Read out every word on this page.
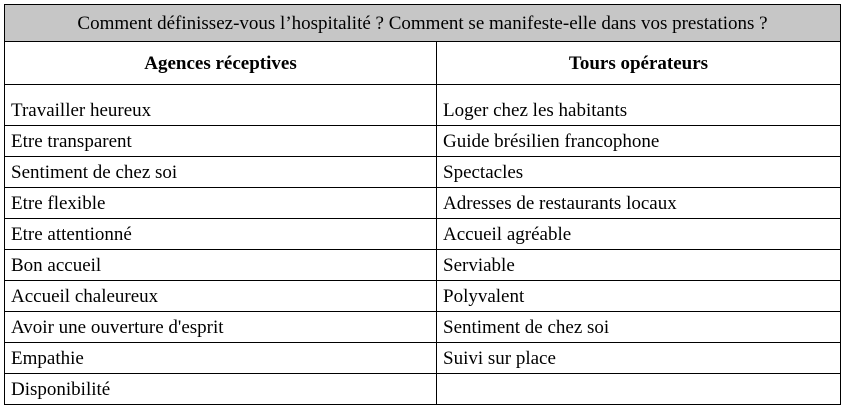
Comment définissez-vous l’hospitalité ? Comment se manifeste-elle dans vos prestations ?	
Agences réceptives	Tours opérateurs
Travailler heureux	Loger chez les habitants
Etre transparent	Guide brésilien francophone
Sentiment de chez soi	Spectacles
Etre flexible	Adresses de restaurants locaux
Etre attentionné	Accueil agréable
Bon accueil	Serviable
Accueil chaleureux	Polyvalent
Avoir une ouverture d'esprit	Sentiment de chez soi
Empathie	Suivi sur place
Disponibilité	
